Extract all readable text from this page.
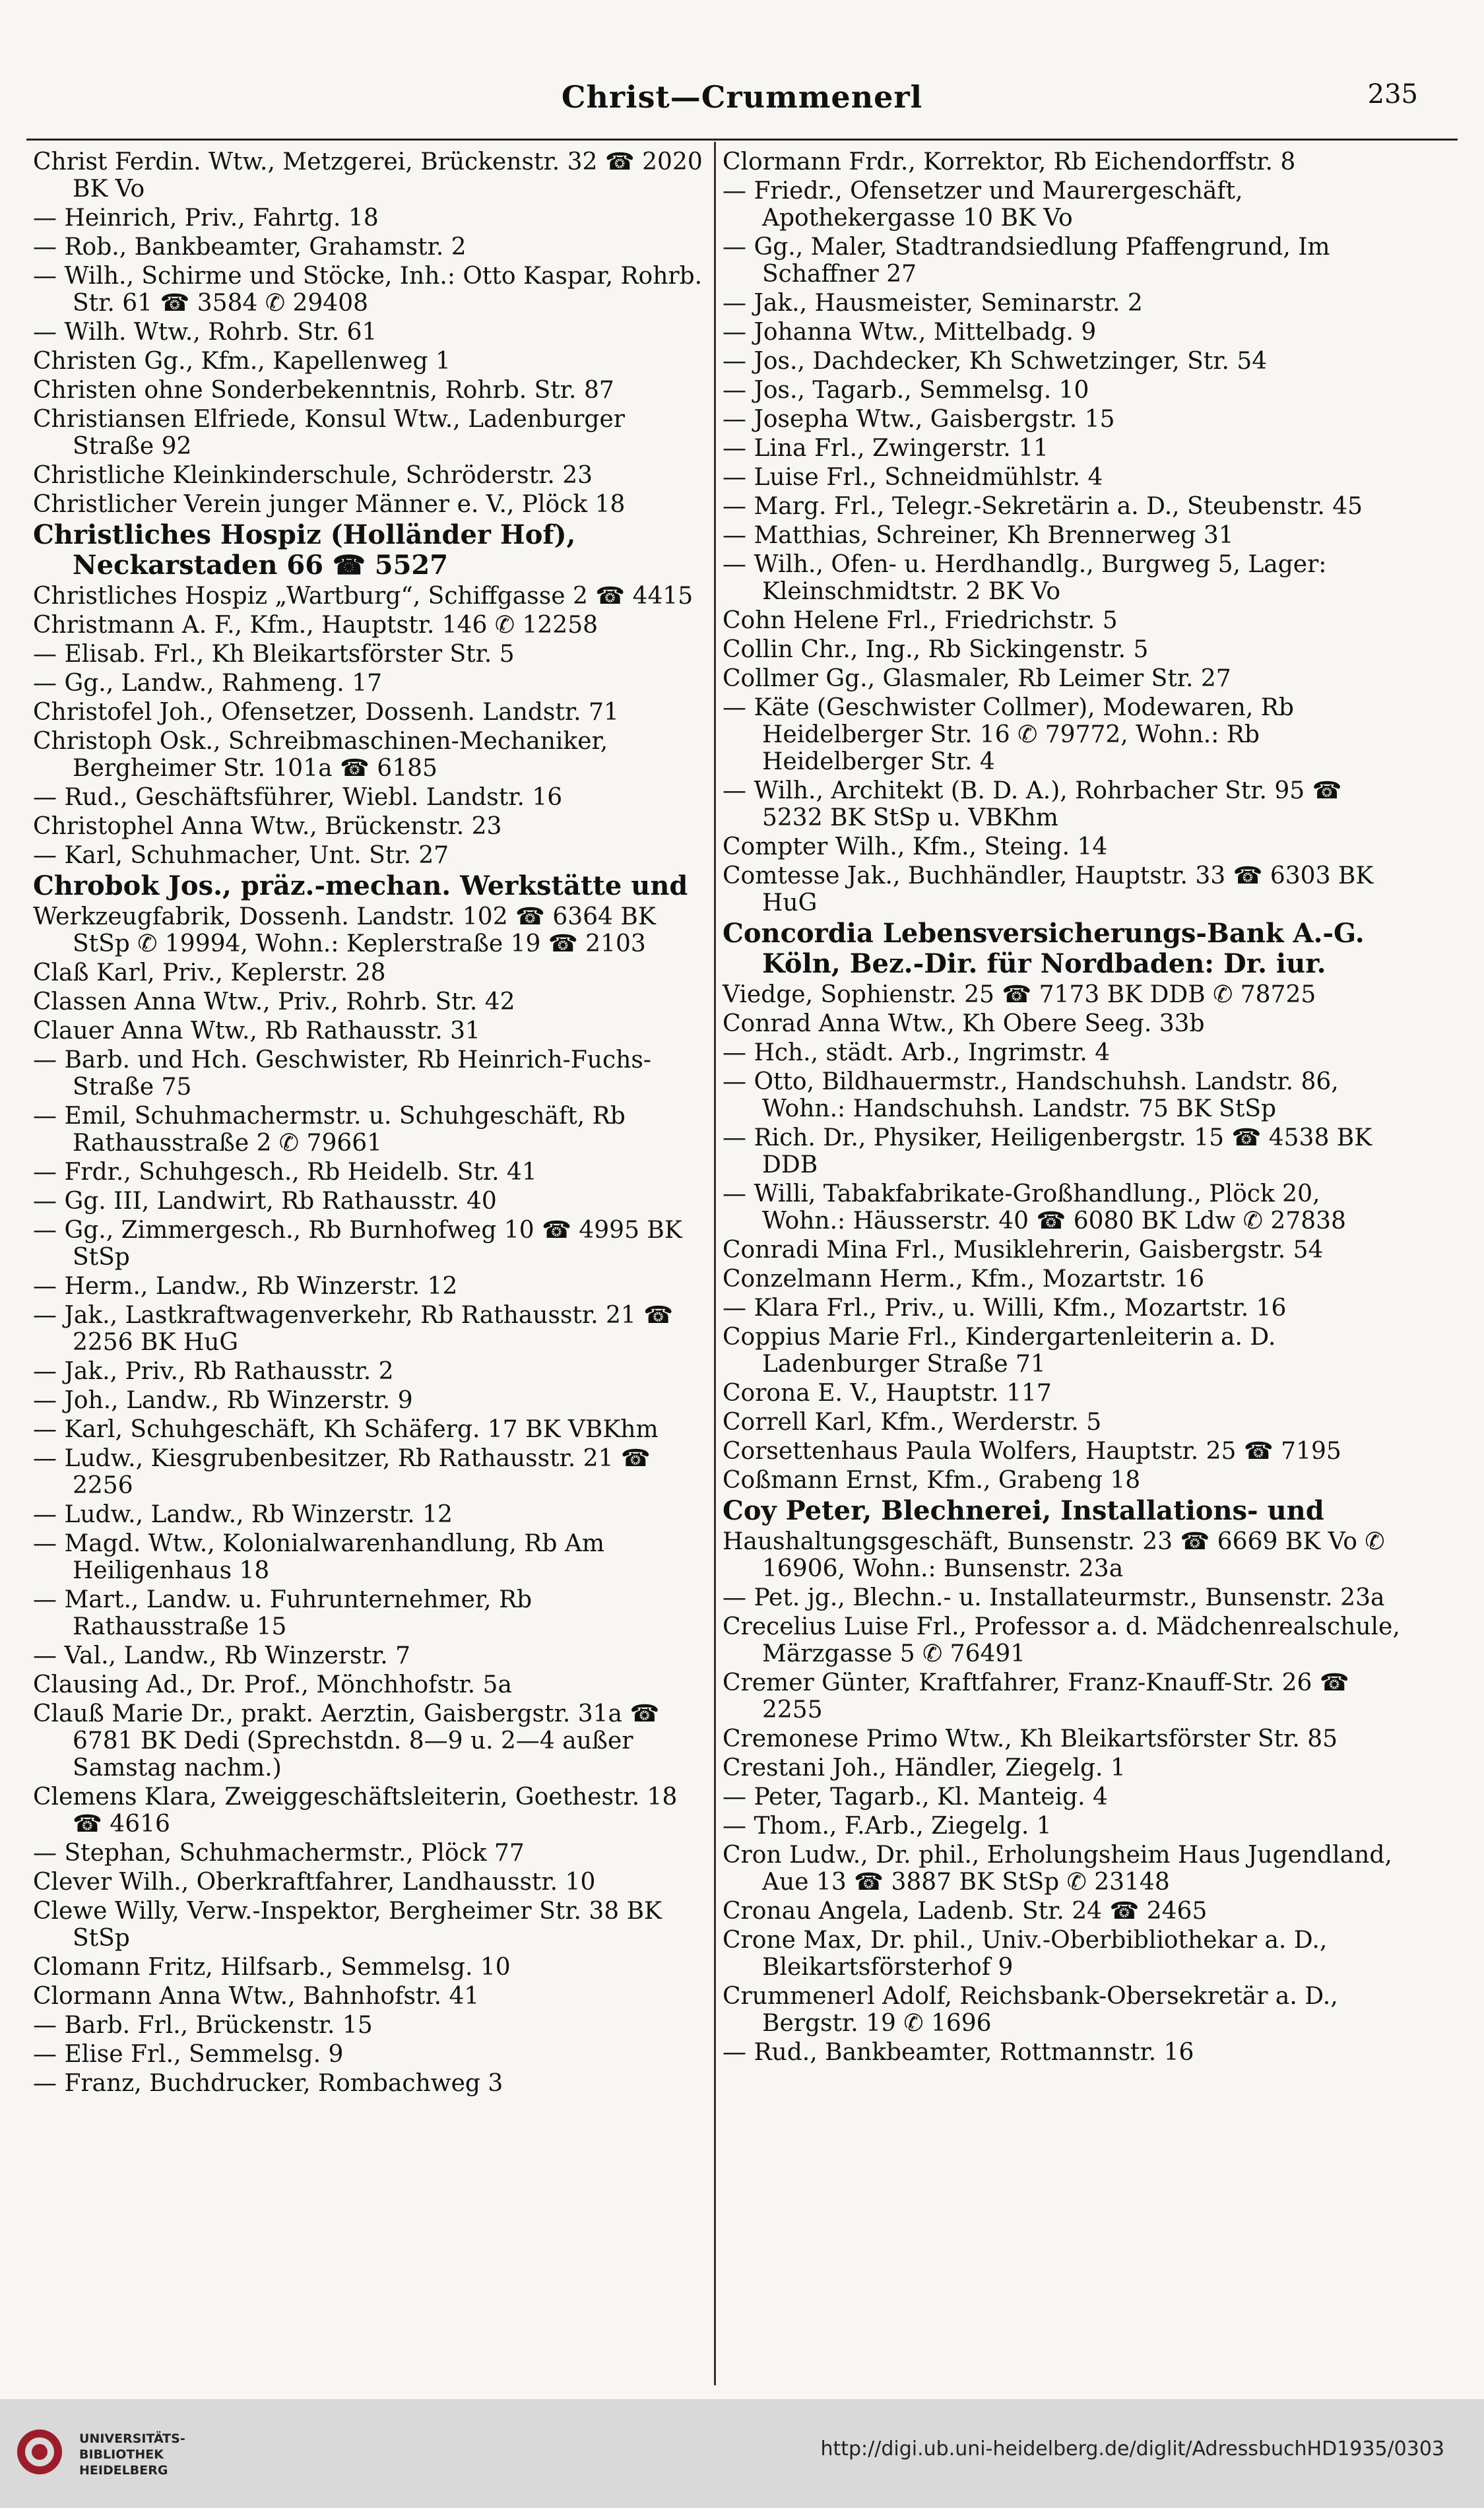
Christ—Crummenerl	235

Christ Ferdin. Wtw., Metzgerei, Brückenstr. 32 ☎ 2020 BK Vo

— Heinrich, Priv., Fahrtg. 18

— Rob., Bankbeamter, Grahamstr. 2

— Wilh., Schirme und Stöcke, Inh.: Otto Kaspar, Rohrb. Str. 61 ☎ 3584 ✆ 29408

— Wilh. Wtw., Rohrb. Str. 61

Christen Gg., Kfm., Kapellenweg 1

Christen ohne Sonderbekenntnis, Rohrb. Str. 87

Christiansen Elfriede, Konsul Wtw., Ladenburger Straße 92

Christliche Kleinkinderschule, Schröderstr. 23

Christlicher Verein junger Männer e. V., Plöck 18

Christliches Hospiz (Holländer Hof), Neckarstaden 66 ☎ 5527

Christliches Hospiz „Wartburg“, Schiffgasse 2 ☎ 4415

Christmann A. F., Kfm., Hauptstr. 146 ✆ 12258

— Elisab. Frl., Kh Bleikartsförster Str. 5

— Gg., Landw., Rahmeng. 17

Christofel Joh., Ofensetzer, Dossenh. Landstr. 71

Christoph Osk., Schreibmaschinen-Mechaniker, Bergheimer Str. 101a ☎ 6185

— Rud., Geschäftsführer, Wiebl. Landstr. 16

Christophel Anna Wtw., Brückenstr. 23

— Karl, Schuhmacher, Unt. Str. 27

Chrobok Jos., präz.-mechan. Werkstätte und

Werkzeugfabrik, Dossenh. Landstr. 102 ☎ 6364 BK StSp ✆ 19994, Wohn.: Keplerstraße 19 ☎ 2103

Claß Karl, Priv., Keplerstr. 28

Classen Anna Wtw., Priv., Rohrb. Str. 42

Clauer Anna Wtw., Rb Rathausstr. 31

— Barb. und Hch. Geschwister, Rb Heinrich-Fuchs-Straße 75

— Emil, Schuhmachermstr. u. Schuhgeschäft, Rb Rathausstraße 2 ✆ 79661

— Frdr., Schuhgesch., Rb Heidelb. Str. 41

— Gg. III, Landwirt, Rb Rathausstr. 40

— Gg., Zimmergesch., Rb Burnhofweg 10 ☎ 4995 BK StSp

— Herm., Landw., Rb Winzerstr. 12

— Jak., Lastkraftwagenverkehr, Rb Rathausstr. 21 ☎ 2256 BK HuG

— Jak., Priv., Rb Rathausstr. 2

— Joh., Landw., Rb Winzerstr. 9

— Karl, Schuhgeschäft, Kh Schäferg. 17 BK VBKhm

— Ludw., Kiesgrubenbesitzer, Rb Rathausstr. 21 ☎ 2256

— Ludw., Landw., Rb Winzerstr. 12

— Magd. Wtw., Kolonialwarenhandlung, Rb Am Heiligenhaus 18

— Mart., Landw. u. Fuhrunternehmer, Rb Rathausstraße 15

— Val., Landw., Rb Winzerstr. 7

Clausing Ad., Dr. Prof., Mönchhofstr. 5a

Clauß Marie Dr., prakt. Aerztin, Gaisbergstr. 31a ☎ 6781 BK Dedi (Sprechstdn. 8—9 u. 2—4 außer Samstag nachm.)

Clemens Klara, Zweiggeschäftsleiterin, Goethestr. 18 ☎ 4616

— Stephan, Schuhmachermstr., Plöck 77

Clever Wilh., Oberkraftfahrer, Landhausstr. 10

Clewe Willy, Verw.-Inspektor, Bergheimer Str. 38 BK StSp

Clomann Fritz, Hilfsarb., Semmelsg. 10

Clormann Anna Wtw., Bahnhofstr. 41

— Barb. Frl., Brückenstr. 15

— Elise Frl., Semmelsg. 9

— Franz, Buchdrucker, Rombachweg 3

Clormann Frdr., Korrektor, Rb Eichendorffstr. 8

— Friedr., Ofensetzer und Maurergeschäft, Apothekergasse 10 BK Vo

— Gg., Maler, Stadtrandsiedlung Pfaffengrund, Im Schaffner 27

— Jak., Hausmeister, Seminarstr. 2

— Johanna Wtw., Mittelbadg. 9

— Jos., Dachdecker, Kh Schwetzinger, Str. 54

— Jos., Tagarb., Semmelsg. 10

— Josepha Wtw., Gaisbergstr. 15

— Lina Frl., Zwingerstr. 11

— Luise Frl., Schneidmühlstr. 4

— Marg. Frl., Telegr.-Sekretärin a. D., Steubenstr. 45

— Matthias, Schreiner, Kh Brennerweg 31

— Wilh., Ofen- u. Herdhandlg., Burgweg 5, Lager: Kleinschmidtstr. 2 BK Vo

Cohn Helene Frl., Friedrichstr. 5

Collin Chr., Ing., Rb Sickingenstr. 5

Collmer Gg., Glasmaler, Rb Leimer Str. 27

— Käte (Geschwister Collmer), Modewaren, Rb Heidelberger Str. 16 ✆ 79772, Wohn.: Rb Heidelberger Str. 4

— Wilh., Architekt (B. D. A.), Rohrbacher Str. 95 ☎ 5232 BK StSp u. VBKhm

Compter Wilh., Kfm., Steing. 14

Comtesse Jak., Buchhändler, Hauptstr. 33 ☎ 6303 BK HuG

Concordia Lebensversicherungs-Bank A.-G. Köln, Bez.-Dir. für Nordbaden: Dr. iur.

Viedge, Sophienstr. 25 ☎ 7173 BK DDB ✆ 78725

Conrad Anna Wtw., Kh Obere Seeg. 33b

— Hch., städt. Arb., Ingrimstr. 4

— Otto, Bildhauermstr., Handschuhsh. Landstr. 86, Wohn.: Handschuhsh. Landstr. 75 BK StSp

— Rich. Dr., Physiker, Heiligenbergstr. 15 ☎ 4538 BK DDB

— Willi, Tabakfabrikate-Großhandlung., Plöck 20, Wohn.: Häusserstr. 40 ☎ 6080 BK Ldw ✆ 27838

Conradi Mina Frl., Musiklehrerin, Gaisbergstr. 54

Conzelmann Herm., Kfm., Mozartstr. 16

— Klara Frl., Priv., u. Willi, Kfm., Mozartstr. 16

Coppius Marie Frl., Kindergartenleiterin a. D. Ladenburger Straße 71

Corona E. V., Hauptstr. 117

Correll Karl, Kfm., Werderstr. 5

Corsettenhaus Paula Wolfers, Hauptstr. 25 ☎ 7195

Coßmann Ernst, Kfm., Grabeng 18

Coy Peter, Blechnerei, Installations- und

Haushaltungsgeschäft, Bunsenstr. 23 ☎ 6669 BK Vo ✆ 16906, Wohn.: Bunsenstr. 23a

— Pet. jg., Blechn.- u. Installateurmstr., Bunsenstr. 23a

Crecelius Luise Frl., Professor a. d. Mädchenrealschule, Märzgasse 5 ✆ 76491

Cremer Günter, Kraftfahrer, Franz-Knauff-Str. 26 ☎ 2255

Cremonese Primo Wtw., Kh Bleikartsförster Str. 85

Crestani Joh., Händler, Ziegelg. 1

— Peter, Tagarb., Kl. Manteig. 4

— Thom., F.Arb., Ziegelg. 1

Cron Ludw., Dr. phil., Erholungsheim Haus Jugendland, Aue 13 ☎ 3887 BK StSp ✆ 23148

Cronau Angela, Ladenb. Str. 24 ☎ 2465

Crone Max, Dr. phil., Univ.-Oberbibliothekar a. D., Bleikartsförsterhof 9

Crummenerl Adolf, Reichsbank-Obersekretär a. D., Bergstr. 19 ✆ 1696

— Rud., Bankbeamter, Rottmannstr. 16

UNIVERSITÄTS-
BIBLIOTHEK
HEIDELBERG
http://digi.ub.uni-heidelberg.de/diglit/AdressbuchHD1935/0303
